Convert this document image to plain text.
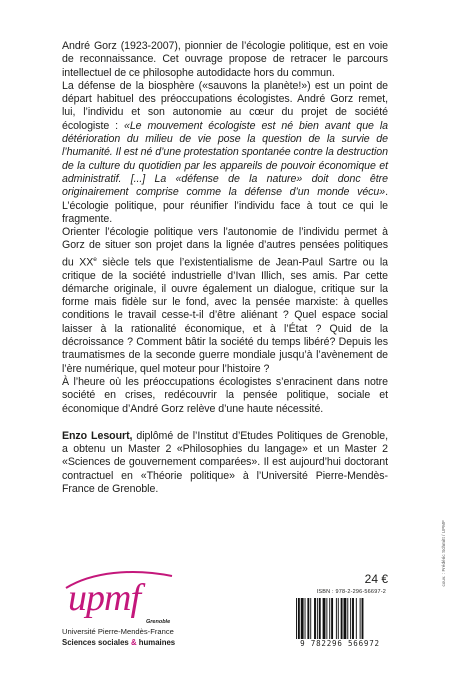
André Gorz (1923-2007), pionnier de l’écologie politique, est en voie de reconnaissance. Cet ouvrage propose de retracer le parcours intellectuel de ce philosophe autodidacte hors du commun.

La défense de la biosphère («sauvons la planète!») est un point de départ habituel des préoccupations écologistes. André Gorz remet, lui, l’individu et son autonomie au cœur du projet de société écologiste : «Le mouvement écologiste est né bien avant que la détérioration du milieu de vie pose la question de la survie de l’humanité. Il est né d’une protestation spontanée contre la destruction de la culture du quotidien par les appareils de pouvoir économique et administratif. [...] La «défense de la nature» doit donc être originairement comprise comme la défense d’un monde vécu». L’écologie politique, pour réunifier l’individu face à tout ce qui le fragmente.

Orienter l’écologie politique vers l’autonomie de l’individu permet à Gorz de situer son projet dans la lignée d’autres pensées politiques du XXe siècle tels que l’existentialisme de Jean-Paul Sartre ou la critique de la société industrielle d’Ivan Illich, ses amis. Par cette démarche originale, il ouvre également un dialogue, critique sur la forme mais fidèle sur le fond, avec la pensée marxiste: à quelles conditions le travail cesse-t-il d’être aliénant ? Quel espace social laisser à la rationalité économique, et à l’État ? Quid de la décroissance ? Comment bâtir la société du temps libéré? Depuis les traumatismes de la seconde guerre mondiale jusqu’à l’avènement de l’ère numérique, quel moteur pour l’histoire ?

À l’heure où les préoccupations écologistes s’enracinent dans notre société en crises, redécouvrir la pensée politique, sociale et économique d’André Gorz relève d’une haute nécessité.

Enzo Lesourt, diplômé de l’Institut d’Etudes Politiques de Grenoble, a obtenu un Master 2 «Philosophies du langage» et un Master 2 «Sciences de gouvernement comparées». Il est aujourd’hui doctorant contractuel en «Théorie politique» à l’Université Pierre-Mendès-France de Grenoble.

couv. : Frédéric Schmitt / UPMF
24 €
ISBN : 978-2-296-56697-2
9 782296 566972
upmf
Grenoble
Université Pierre-Mendès-France
Sciences sociales & humaines
